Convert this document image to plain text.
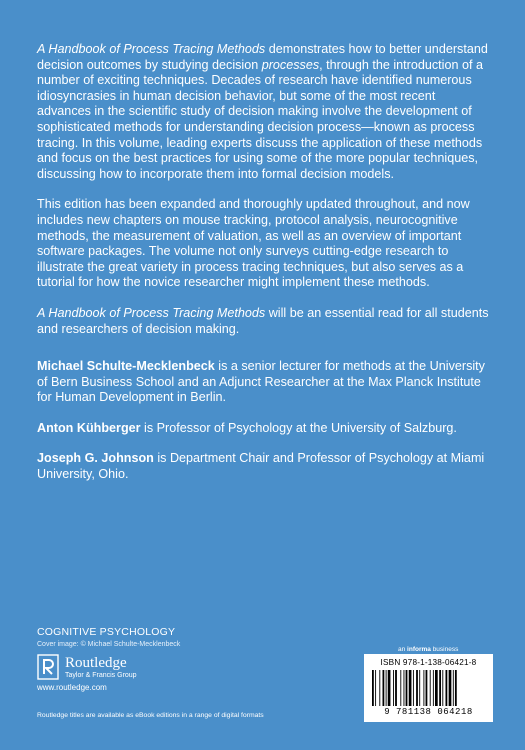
A Handbook of Process Tracing Methods demonstrates how to better understand decision outcomes by studying decision processes, through the introduction of a number of exciting techniques. Decades of research have identified numerous idiosyncrasies in human decision behavior, but some of the most recent advances in the scientific study of decision making involve the development of sophisticated methods for understanding decision process—known as process tracing. In this volume, leading experts discuss the application of these methods and focus on the best practices for using some of the more popular techniques, discussing how to incorporate them into formal decision models.

This edition has been expanded and thoroughly updated throughout, and now includes new chapters on mouse tracking, protocol analysis, neurocognitive methods, the measurement of valuation, as well as an overview of important software packages. The volume not only surveys cutting-edge research to illustrate the great variety in process tracing techniques, but also serves as a tutorial for how the novice researcher might implement these methods.

A Handbook of Process Tracing Methods will be an essential read for all students and researchers of decision making.

Michael Schulte-Mecklenbeck is a senior lecturer for methods at the University of Bern Business School and an Adjunct Researcher at the Max Planck Institute for Human Development in Berlin.

Anton Kühberger is Professor of Psychology at the University of Salzburg.

Joseph G. Johnson is Department Chair and Professor of Psychology at Miami University, Ohio.

COGNITIVE PSYCHOLOGY
Cover image: © Michael Schulte-Mecklenbeck
Routledge
Taylor & Francis Group
www.routledge.com
Routledge titles are available as eBook editions in a range of digital formats
an informa business
ISBN 978-1-138-06421-8
9 781138 064218
